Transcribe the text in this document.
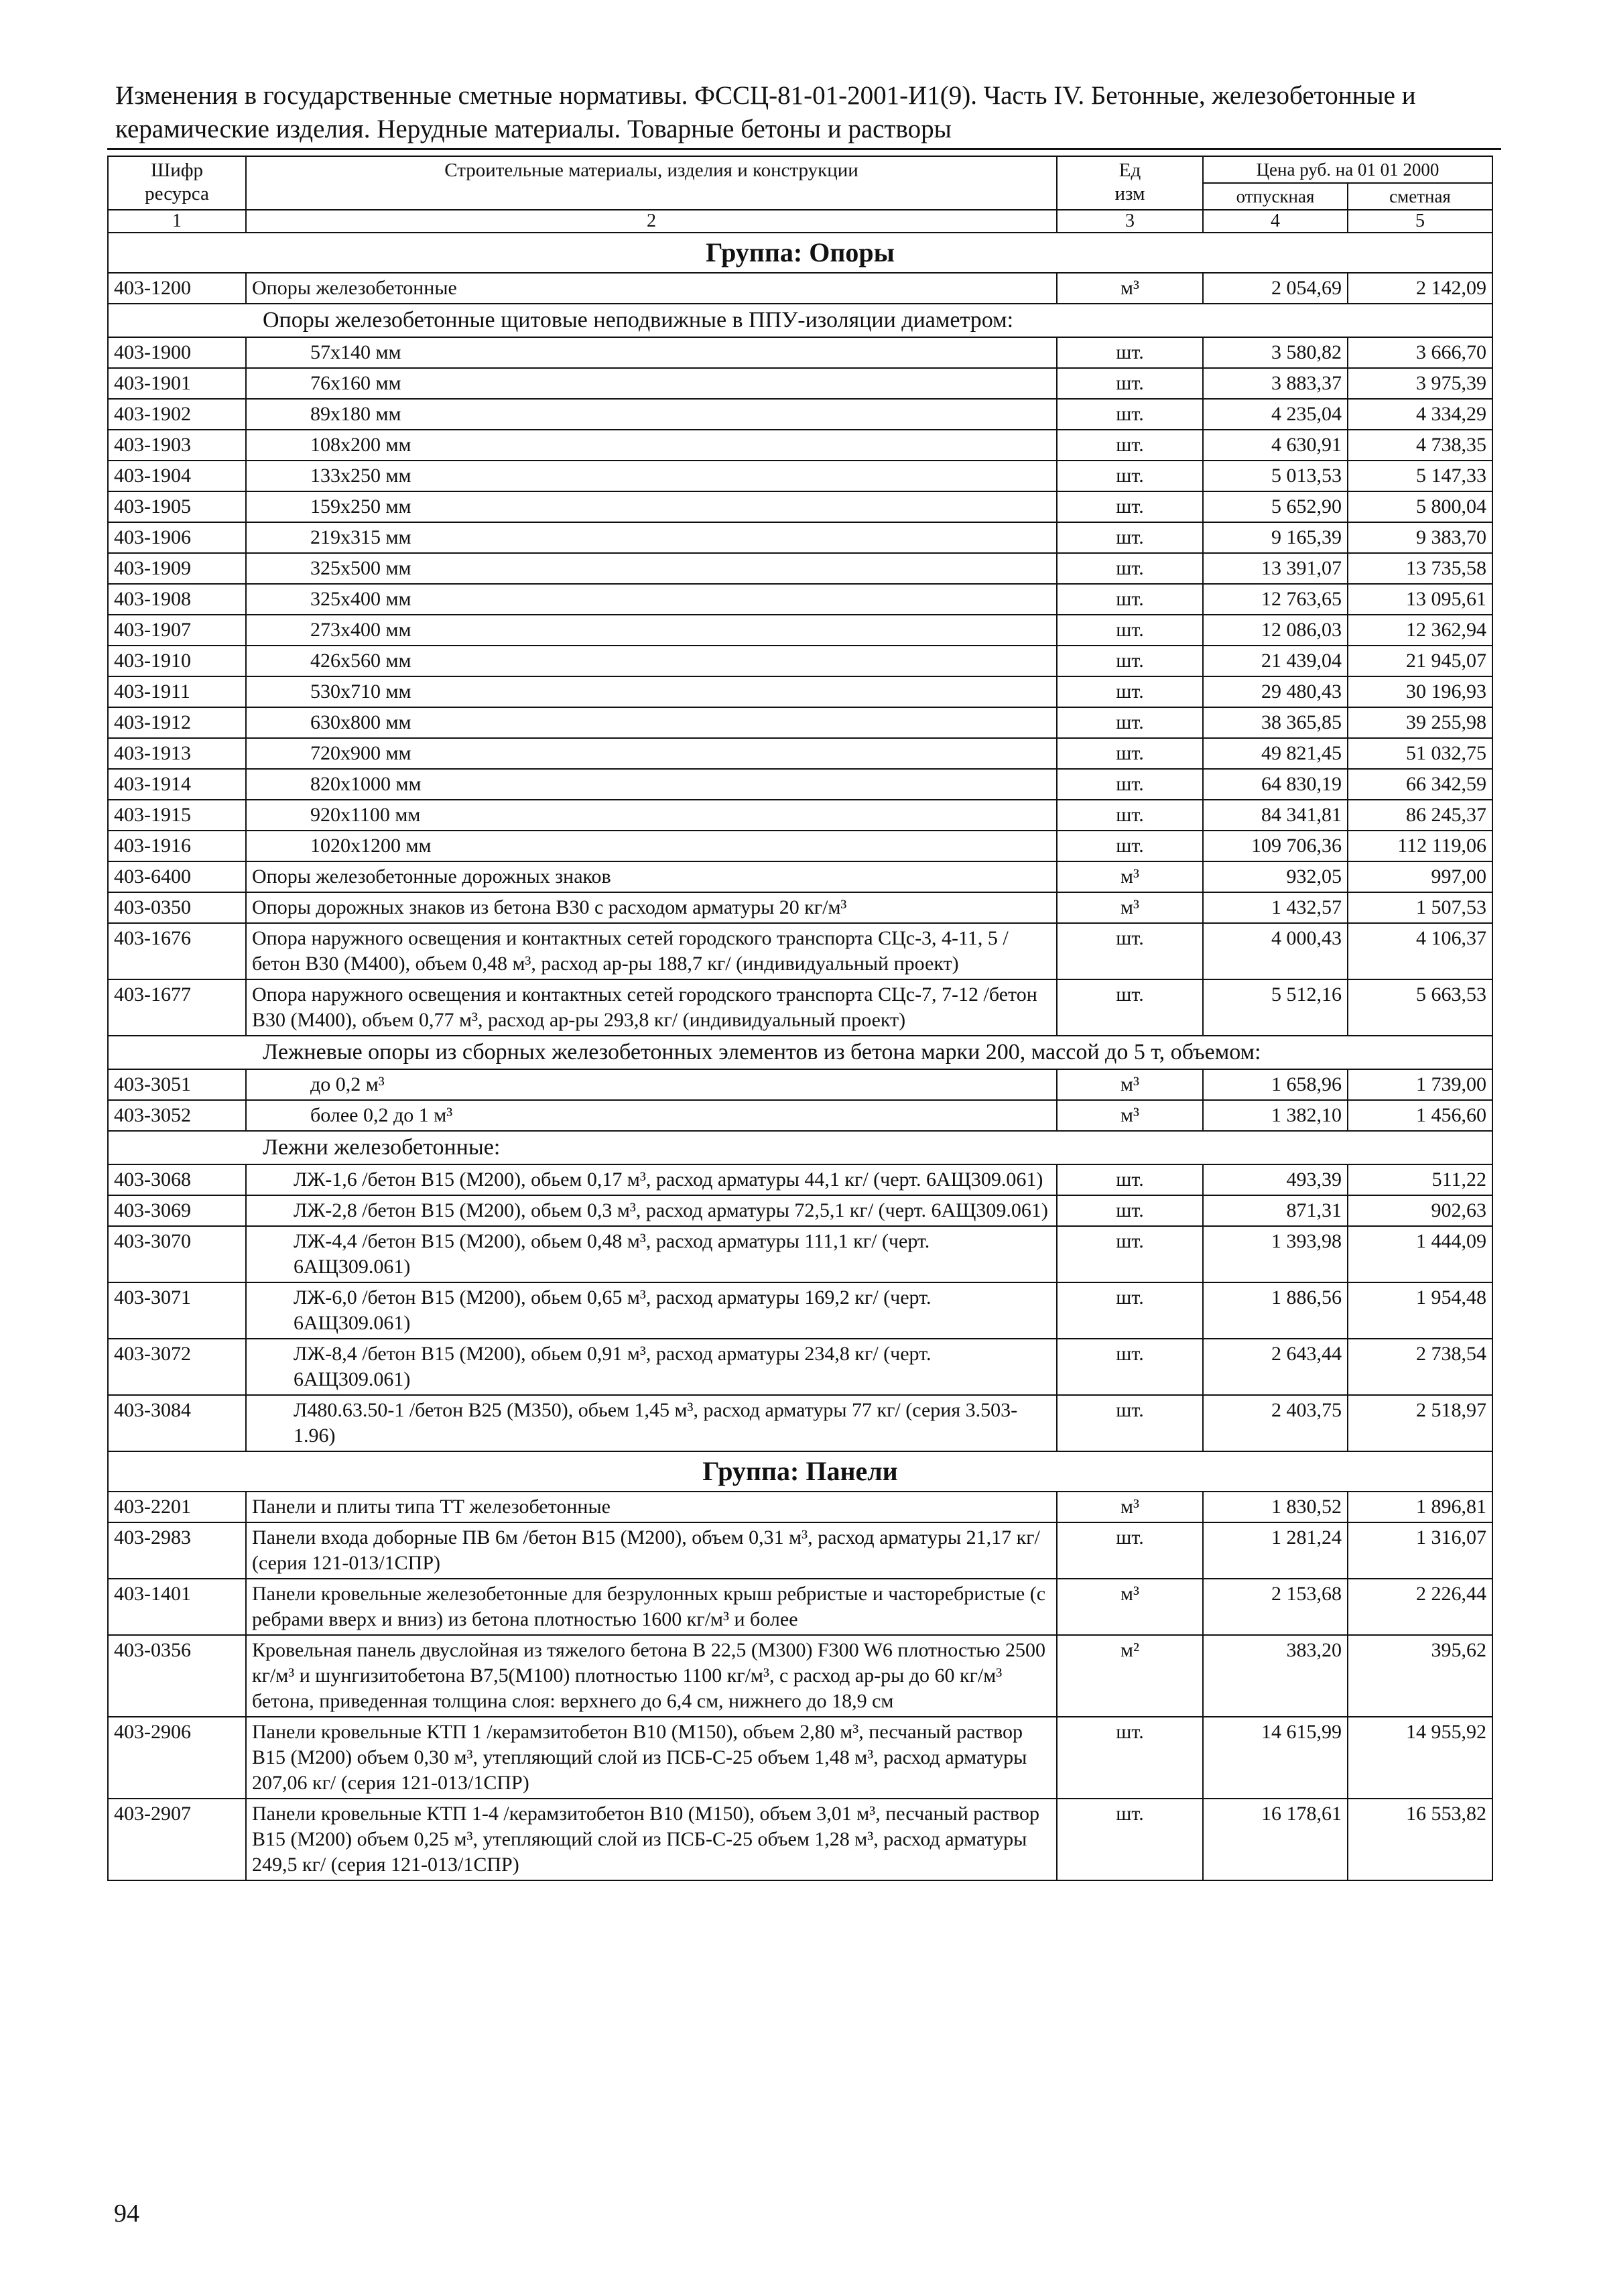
Изменения в государственные сметные нормативы. ФССЦ-81-01-2001-И1(9). Часть IV. Бетонные, железобетонные и
керамические изделия. Нерудные материалы. Товарные бетоны и растворы
Шифр
ресурса	Строительные материалы, изделия и конструкции	Ед
изм	Цена руб. на 01 01 2000	
			отпускная	сметная
1	2	3	4	5
Группа: Опоры				
403-1200	Опоры железобетонные	м³	2 054,69	2 142,09
Опоры железобетонные щитовые неподвижные в ППУ-изоляции диаметром:				
403-1900	57х140 мм	шт.	3 580,82	3 666,70
403-1901	76х160 мм	шт.	3 883,37	3 975,39
403-1902	89х180 мм	шт.	4 235,04	4 334,29
403-1903	108х200 мм	шт.	4 630,91	4 738,35
403-1904	133х250 мм	шт.	5 013,53	5 147,33
403-1905	159х250 мм	шт.	5 652,90	5 800,04
403-1906	219х315 мм	шт.	9 165,39	9 383,70
403-1909	325х500 мм	шт.	13 391,07	13 735,58
403-1908	325х400 мм	шт.	12 763,65	13 095,61
403-1907	273х400 мм	шт.	12 086,03	12 362,94
403-1910	426х560 мм	шт.	21 439,04	21 945,07
403-1911	530х710 мм	шт.	29 480,43	30 196,93
403-1912	630х800 мм	шт.	38 365,85	39 255,98
403-1913	720х900 мм	шт.	49 821,45	51 032,75
403-1914	820х1000 мм	шт.	64 830,19	66 342,59
403-1915	920х1100 мм	шт.	84 341,81	86 245,37
403-1916	1020х1200 мм	шт.	109 706,36	112 119,06
403-6400	Опоры железобетонные дорожных знаков	м³	932,05	997,00
403-0350	Опоры дорожных знаков из бетона В30 с расходом арматуры 20 кг/м³	м³	1 432,57	1 507,53
403-1676	Опора наружного освещения и контактных сетей городского транспорта СЦс-3, 4-11, 5 /бетон В30 (М400), объем 0,48 м³, расход ар-ры 188,7 кг/ (индивидуальный проект)	шт.	4 000,43	4 106,37
403-1677	Опора наружного освещения и контактных сетей городского транспорта СЦс-7, 7-12 /бетон В30 (М400), объем 0,77 м³, расход ар-ры 293,8 кг/ (индивидуальный проект)	шт.	5 512,16	5 663,53
Лежневые опоры из сборных железобетонных элементов из бетона марки 200, массой до 5 т, объемом:				
403-3051	до 0,2 м³	м³	1 658,96	1 739,00
403-3052	более 0,2 до 1 м³	м³	1 382,10	1 456,60
Лежни железобетонные:				
403-3068	ЛЖ-1,6 /бетон В15 (М200), обьем 0,17 м³, расход арматуры 44,1 кг/ (черт. 6АЩ309.061)	шт.	493,39	511,22
403-3069	ЛЖ-2,8 /бетон В15 (М200), обьем 0,3 м³, расход арматуры 72,5,1 кг/ (черт. 6АЩ309.061)	шт.	871,31	902,63
403-3070	ЛЖ-4,4 /бетон В15 (М200), обьем 0,48 м³, расход арматуры 111,1 кг/ (черт. 6АЩ309.061)	шт.	1 393,98	1 444,09
403-3071	ЛЖ-6,0 /бетон В15 (М200), обьем 0,65 м³, расход арматуры 169,2 кг/ (черт. 6АЩ309.061)	шт.	1 886,56	1 954,48
403-3072	ЛЖ-8,4 /бетон В15 (М200), обьем 0,91 м³, расход арматуры 234,8 кг/ (черт. 6АЩ309.061)	шт.	2 643,44	2 738,54
403-3084	Л480.63.50-1 /бетон В25 (М350), обьем 1,45 м³, расход арматуры 77 кг/ (серия 3.503-1.96)	шт.	2 403,75	2 518,97
Группа: Панели				
403-2201	Панели и плиты типа ТТ железобетонные	м³	1 830,52	1 896,81
403-2983	Панели входа доборные ПВ 6м /бетон В15 (М200), объем 0,31 м³, расход арматуры 21,17 кг/ (серия 121-013/1СПР)	шт.	1 281,24	1 316,07
403-1401	Панели кровельные железобетонные для безрулонных крыш ребристые и часторебристые (с ребрами вверх и вниз) из бетона плотностью 1600 кг/м³ и более	м³	2 153,68	2 226,44
403-0356	Кровельная панель двуслойная из тяжелого бетона В 22,5 (М300) F300 W6 плотностью 2500 кг/м³ и шунгизитобетона В7,5(М100) плотностью 1100 кг/м³, с расход ар-ры до 60 кг/м³ бетона, приведенная толщина слоя: верхнего до 6,4 см, нижнего до 18,9 см	м²	383,20	395,62
403-2906	Панели кровельные КТП 1 /керамзитобетон В10 (М150), объем 2,80 м³, песчаный раствор В15 (М200) объем 0,30 м³, утепляющий слой из ПСБ-С-25 объем 1,48 м³, расход арматуры 207,06 кг/ (серия 121-013/1СПР)	шт.	14 615,99	14 955,92
403-2907	Панели кровельные КТП 1-4 /керамзитобетон В10 (М150), объем 3,01 м³, песчаный раствор В15 (М200) объем 0,25 м³, утепляющий слой из ПСБ-С-25 объем 1,28 м³, расход арматуры 249,5 кг/ (серия 121-013/1СПР)	шт.	16 178,61	16 553,82
94
